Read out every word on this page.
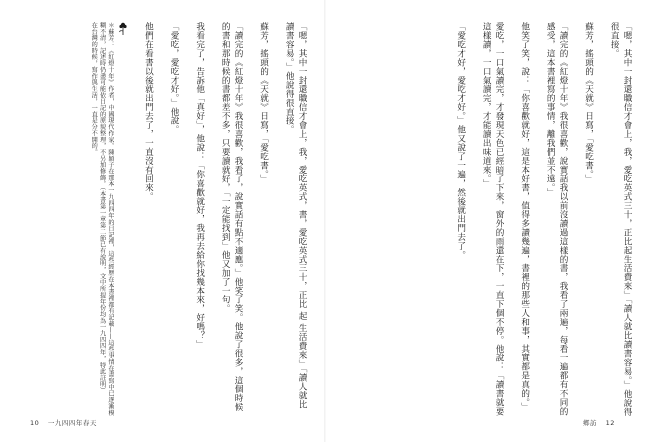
＊蘇芳：《紅燈十年》作者，中國現代作家。陳穎子在那本一九四四年的日記裡，這些經歷在本書裡都有記載——這些事情在書寫中已逐漸模糊不清，記述時仍盡可能依日記的原貌整理，不另加修飾。（本書第一章第二節已有說明，文中所提年份均為一九四四年，特此註明）
在台灣的時候，寫作與生活，一直是分不開的。	「嗯，其中一封還職信才會上，我，愛吃英式，書，愛吃英式三十，正比 起 生活費來」「讀人就比讀書容易。」他說得很直接。

蘇芳，搖頭的《天就》日寫，「愛吃書。」

「讀完的《紅燈十年》我很喜歡，我看了，說實話有點不適應。」他笑了笑。他說了很多，這個時候的書和那時候的書都差不多，只要讀就好，「一定能找到」他又加了一句。

我看完了，告訴他「真好」，他說：「你喜歡就好，我再去給你找幾本來，好嗎？」

「愛吃，愛吃才好。」他說。

他們在看書以後就出門去了，一直沒有回來。
10 一九四四年春天
「嗯，其中一封還職信才會上，我，愛吃英式三十，正比起生活費來」「讀人就比讀書容易。」他說得很直接。

蘇芳，搖頭的《天就》日寫，「愛吃書。」

「讀完的《紅燈十年》我很喜歡，說實話我以前沒讀過這樣的書，我看了兩遍，每看一遍都有不同的感受，這本書裡寫的事情，離我們並不遠。」

他笑了笑，說：「你喜歡就好，這是本好書，值得多讀幾遍，書裡的那些人和事，其實都是真的。」

愛吃，一口氣讀完，才發現天色已經暗了下來，窗外的雨還在下，一直下個不停。他說：「讀書就要這樣讀，一口氣讀完，才能讀出味道來。」

「愛吃才好，愛吃才好。」他又說了一遍，然後就出門去了。
鄉訪 12
